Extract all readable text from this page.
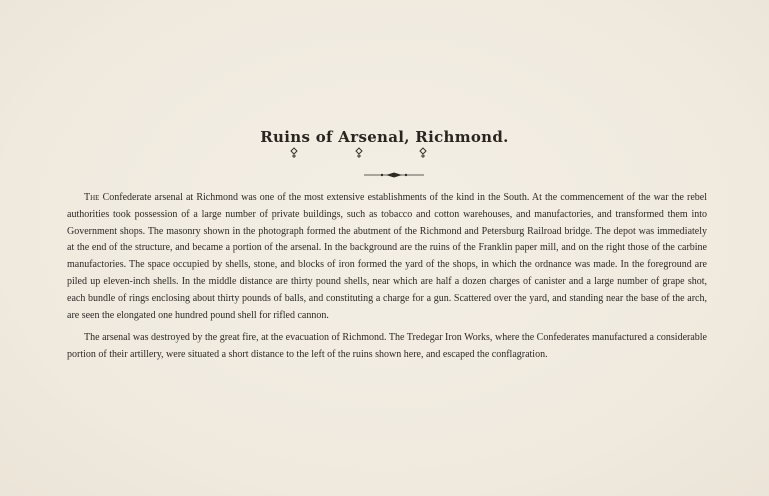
Ruins of Arsenal, Richmond.

The Confederate arsenal at Richmond was one of the most extensive establishments of the kind in the South. At the commencement of the war the rebel authorities took possession of a large number of private buildings, such as tobacco and cotton warehouses, and manufactories, and transformed them into Government shops. The masonry shown in the photograph formed the abutment of the Richmond and Petersburg Railroad bridge. The depot was immediately at the end of the structure, and became a portion of the arsenal. In the background are the ruins of the Franklin paper mill, and on the right those of the carbine manufactories. The space occupied by shells, stone, and blocks of iron formed the yard of the shops, in which the ordnance was made. In the foreground are piled up eleven-inch shells. In the middle distance are thirty pound shells, near which are half a dozen charges of canister and a large number of grape shot, each bundle of rings enclosing about thirty pounds of balls, and constituting a charge for a gun. Scattered over the yard, and standing near the base of the arch, are seen the elongated one hundred pound shell for rifled cannon.

The arsenal was destroyed by the great fire, at the evacuation of Richmond. The Tredegar Iron Works, where the Confederates manufactured a considerable portion of their artillery, were situated a short distance to the left of the ruins shown here, and escaped the conflagration.
